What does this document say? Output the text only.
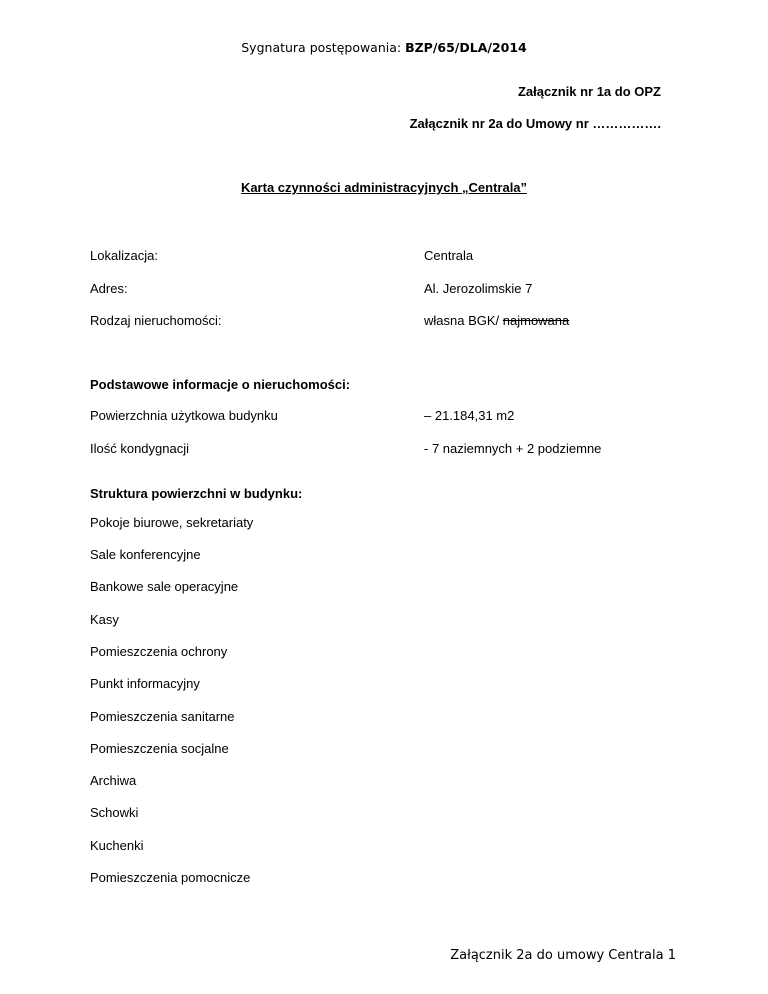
Sygnatura postępowania: BZP/65/DLA/2014
Załącznik nr 1a do OPZ
Załącznik nr 2a do Umowy nr …………….
Karta czynności administracyjnych „Centrala”
Lokalizacja:	Centrala
Adres:	Al. Jerozolimskie 7
Rodzaj nieruchomości:	własna BGK/ najmowana
Podstawowe informacje o nieruchomości:
Powierzchnia użytkowa budynku	– 21.184,31 m2
Ilość kondygnacji	- 7 naziemnych + 2 podziemne
Struktura powierzchni w budynku:
Pokoje biurowe, sekretariaty
Sale konferencyjne
Bankowe sale operacyjne
Kasy
Pomieszczenia ochrony
Punkt informacyjny
Pomieszczenia sanitarne
Pomieszczenia socjalne
Archiwa
Schowki
Kuchenki
Pomieszczenia pomocnicze
Załącznik 2a do umowy Centrala 1
